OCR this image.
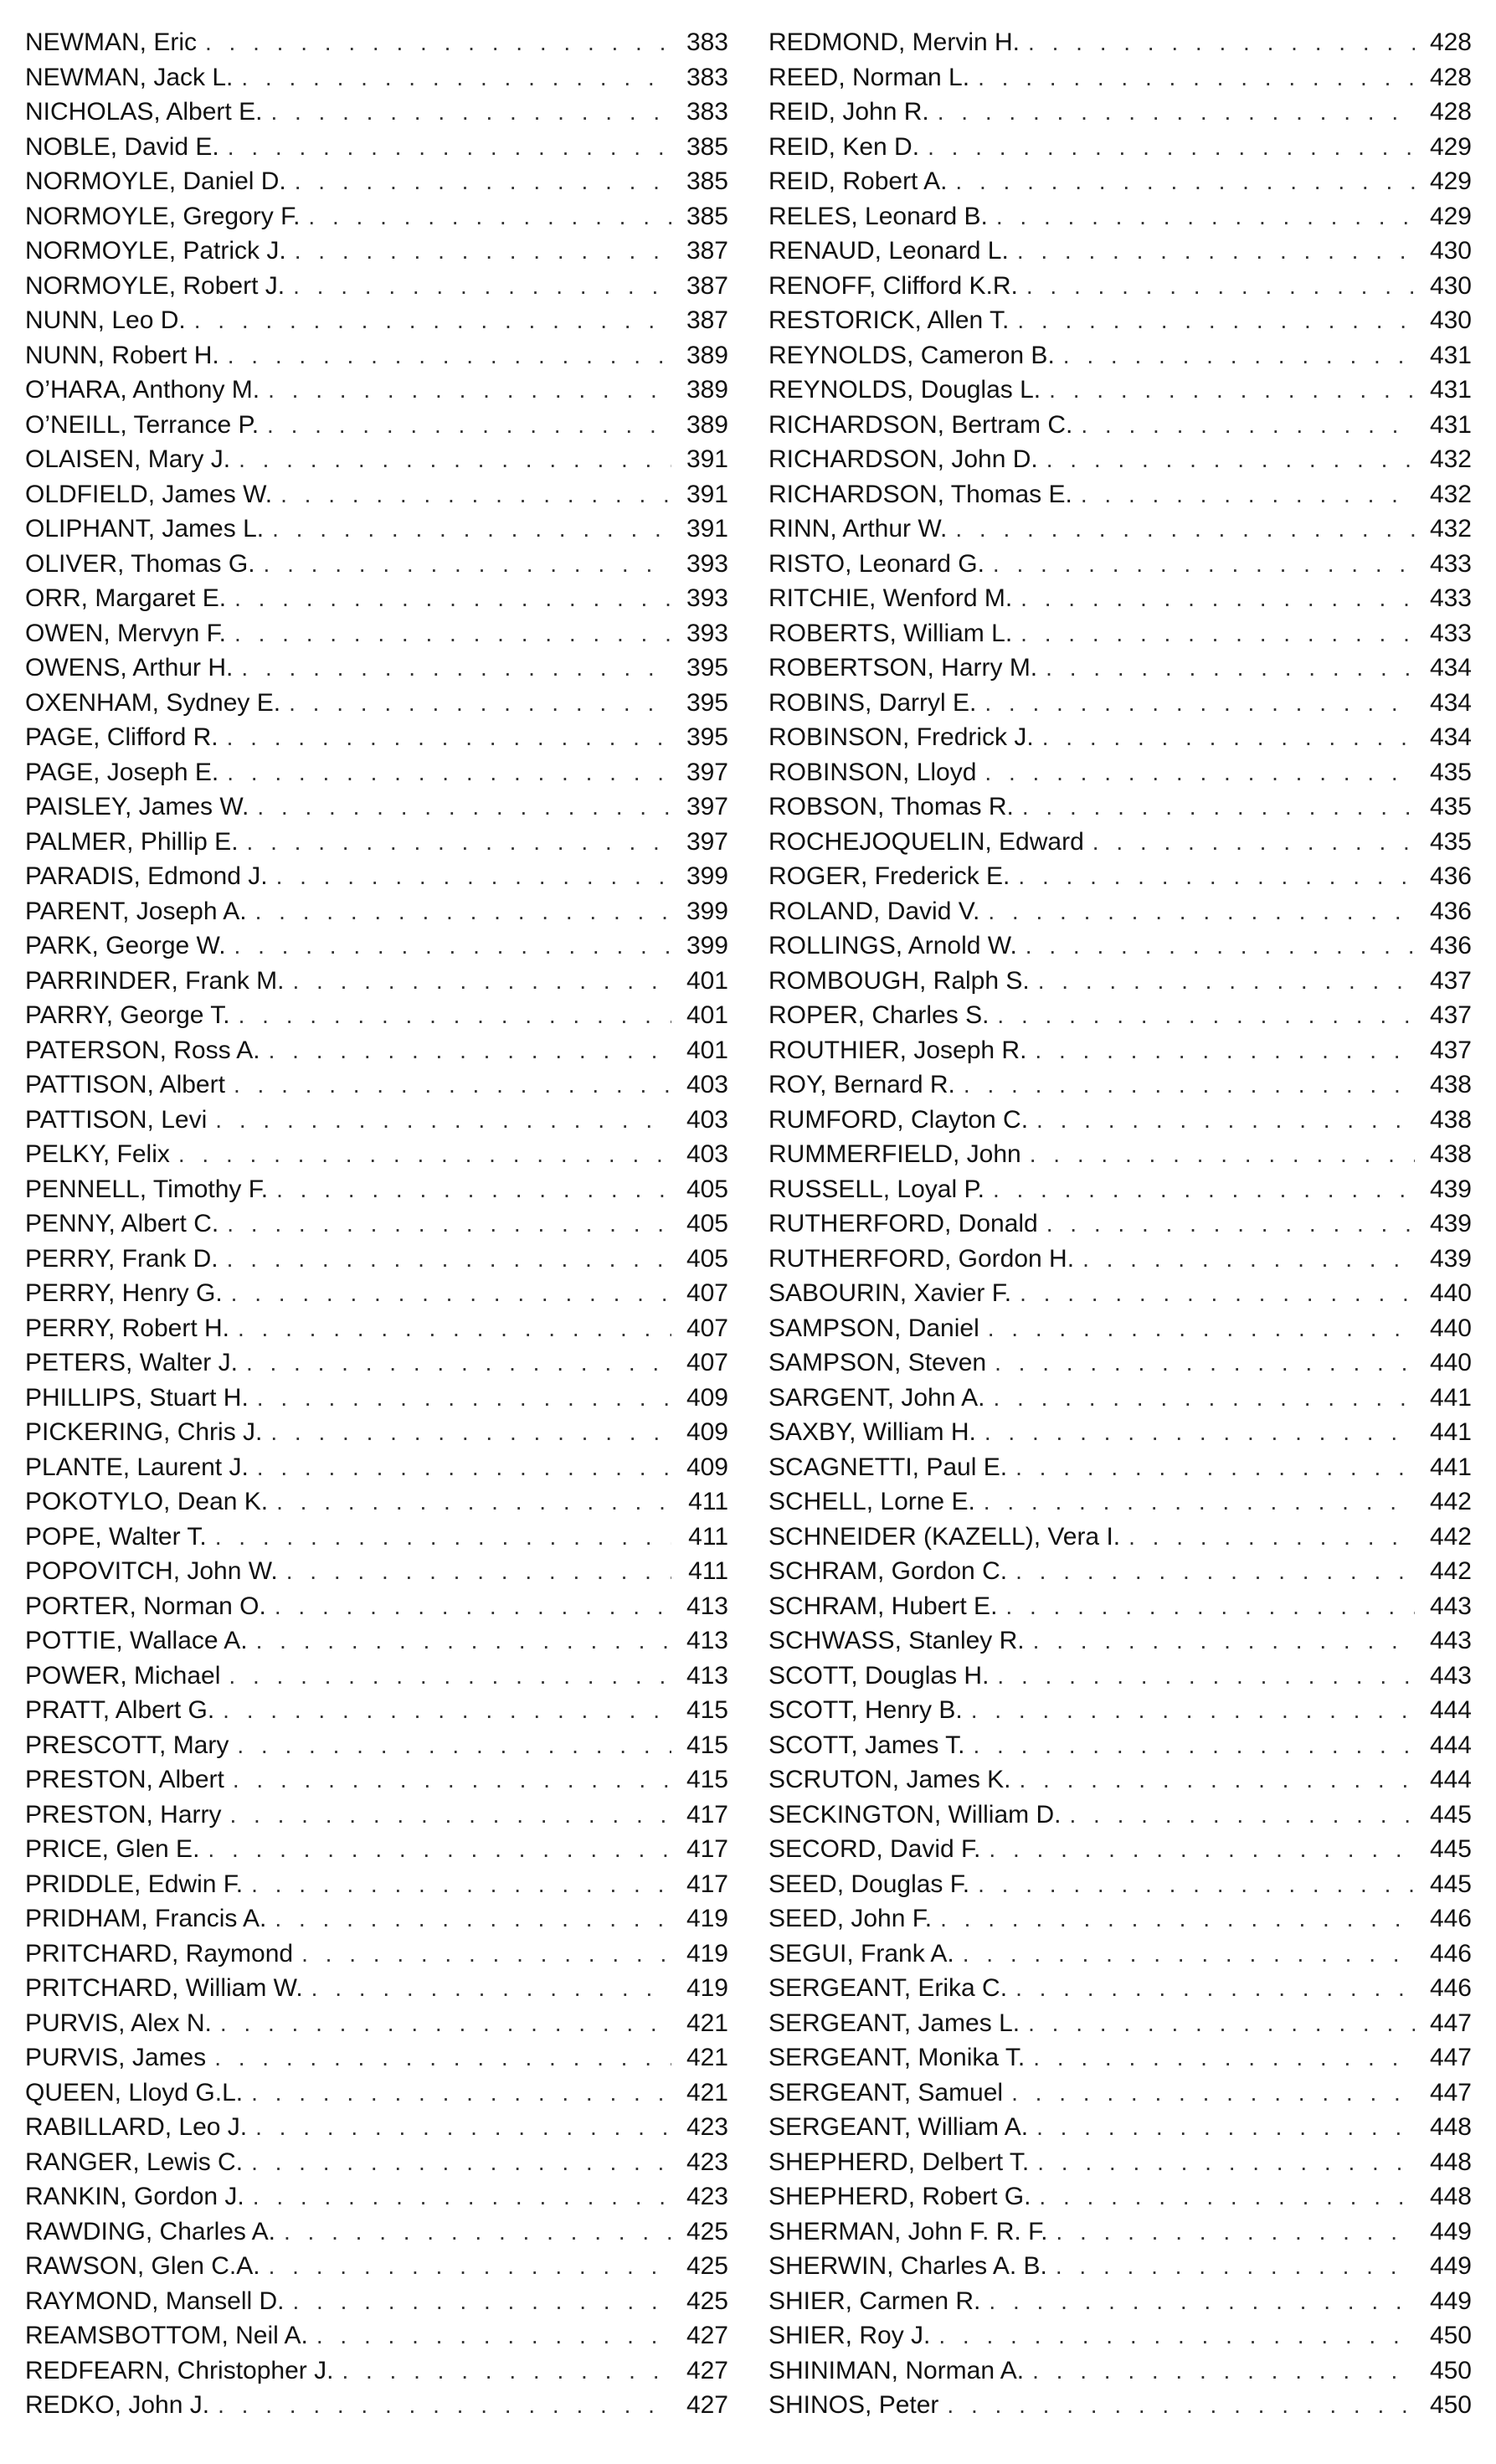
NEWMAN, Eric . . .	383
NEWMAN, Jack L. . . .	383
NICHOLAS, Albert E. . . .	383
NOBLE, David E. . . .	385
NORMOYLE, Daniel D. . . .	385
NORMOYLE, Gregory F. . . .	385
NORMOYLE, Patrick J. . . .	387
NORMOYLE, Robert J. . . .	387
NUNN, Leo D. . . .	387
NUNN, Robert H. . . .	389
O’HARA, Anthony M. . . .	389
O’NEILL, Terrance P. . . .	389
OLAISEN, Mary J. . . .	391
OLDFIELD, James W. . . .	391
OLIPHANT, James L. . . .	391
OLIVER, Thomas G. . . .	393
ORR, Margaret E. . . .	393
OWEN, Mervyn F. . . .	393
OWENS, Arthur H. . . .	395
OXENHAM, Sydney E. . . .	395
PAGE, Clifford R. . . .	395
PAGE, Joseph E. . . .	397
PAISLEY, James W. . . .	397
PALMER, Phillip E. . . .	397
PARADIS, Edmond J. . . .	399
PARENT, Joseph A. . . .	399
PARK, George W. . . .	399
PARRINDER, Frank M. . . .	401
PARRY, George T. . . .	401
PATERSON, Ross A. . . .	401
PATTISON, Albert . . .	403
PATTISON, Levi . . .	403
PELKY, Felix . . .	403
PENNELL, Timothy F. . . .	405
PENNY, Albert C. . . .	405
PERRY, Frank D. . . .	405
PERRY, Henry G. . . .	407
PERRY, Robert H. . . .	407
PETERS, Walter J. . . .	407
PHILLIPS, Stuart H. . . .	409
PICKERING, Chris J. . . .	409
PLANTE, Laurent J. . . .	409
POKOTYLO, Dean K. . . .	411
POPE, Walter T. . . .	411
POPOVITCH, John W. . . .	411
PORTER, Norman O. . . .	413
POTTIE, Wallace A. . . .	413
POWER, Michael . . .	413
PRATT, Albert G. . . .	415
PRESCOTT, Mary . . .	415
PRESTON, Albert . . .	415
PRESTON, Harry . . .	417
PRICE, Glen E. . . .	417
PRIDDLE, Edwin F. . . .	417
PRIDHAM, Francis A. . . .	419
PRITCHARD, Raymond . . .	419
PRITCHARD, William W. . . .	419
PURVIS, Alex N. . . .	421
PURVIS, James . . .	421
QUEEN, Lloyd G.L. . . .	421
RABILLARD, Leo J. . . .	423
RANGER, Lewis C. . . .	423
RANKIN, Gordon J. . . .	423
RAWDING, Charles A. . . .	425
RAWSON, Glen C.A. . . .	425
RAYMOND, Mansell D. . . .	425
REAMSBOTTOM, Neil A. . . .	427
REDFEARN, Christopher J. . . .	427
REDKO, John J. . . .	427
REDMOND, Mervin H. . . .	428
REED, Norman L. . . .	428
REID, John R. . . .	428
REID, Ken D. . . .	429
REID, Robert A. . . .	429
RELES, Leonard B. . . .	429
RENAUD, Leonard L. . . .	430
RENOFF, Clifford K.R. . . .	430
RESTORICK, Allen T. . . .	430
REYNOLDS, Cameron B. . . .	431
REYNOLDS, Douglas L. . . .	431
RICHARDSON, Bertram C. . . .	431
RICHARDSON, John D. . . .	432
RICHARDSON, Thomas E. . . .	432
RINN, Arthur W. . . .	432
RISTO, Leonard G. . . .	433
RITCHIE, Wenford M. . . .	433
ROBERTS, William L. . . .	433
ROBERTSON, Harry M. . . .	434
ROBINS, Darryl E. . . .	434
ROBINSON, Fredrick J. . . .	434
ROBINSON, Lloyd . . .	435
ROBSON, Thomas R. . . .	435
ROCHEJOQUELIN, Edward . . .	435
ROGER, Frederick E. . . .	436
ROLAND, David V. . . .	436
ROLLINGS, Arnold W. . . .	436
ROMBOUGH, Ralph S. . . .	437
ROPER, Charles S. . . .	437
ROUTHIER, Joseph R. . . .	437
ROY, Bernard R. . . .	438
RUMFORD, Clayton C. . . .	438
RUMMERFIELD, John . . .	438
RUSSELL, Loyal P. . . .	439
RUTHERFORD, Donald . . .	439
RUTHERFORD, Gordon H. . . .	439
SABOURIN, Xavier F. . . .	440
SAMPSON, Daniel . . .	440
SAMPSON, Steven . . .	440
SARGENT, John A. . . .	441
SAXBY, William H. . . .	441
SCAGNETTI, Paul E. . . .	441
SCHELL, Lorne E. . . .	442
SCHNEIDER (KAZELL), Vera I. . . .	442
SCHRAM, Gordon C. . . .	442
SCHRAM, Hubert E. . . .	443
SCHWASS, Stanley R. . . .	443
SCOTT, Douglas H. . . .	443
SCOTT, Henry B. . . .	444
SCOTT, James T. . . .	444
SCRUTON, James K. . . .	444
SECKINGTON, William D. . . .	445
SECORD, David F. . . .	445
SEED, Douglas F. . . .	445
SEED, John F. . . .	446
SEGUI, Frank A. . . .	446
SERGEANT, Erika C. . . .	446
SERGEANT, James L. . . .	447
SERGEANT, Monika T. . . .	447
SERGEANT, Samuel . . .	447
SERGEANT, William A. . . .	448
SHEPHERD, Delbert T. . . .	448
SHEPHERD, Robert G. . . .	448
SHERMAN, John F. R. F. . . .	449
SHERWIN, Charles A. B. . . .	449
SHIER, Carmen R. . . .	449
SHIER, Roy J. . . .	450
SHINIMAN, Norman A. . . .	450
SHINOS, Peter . . .	450
